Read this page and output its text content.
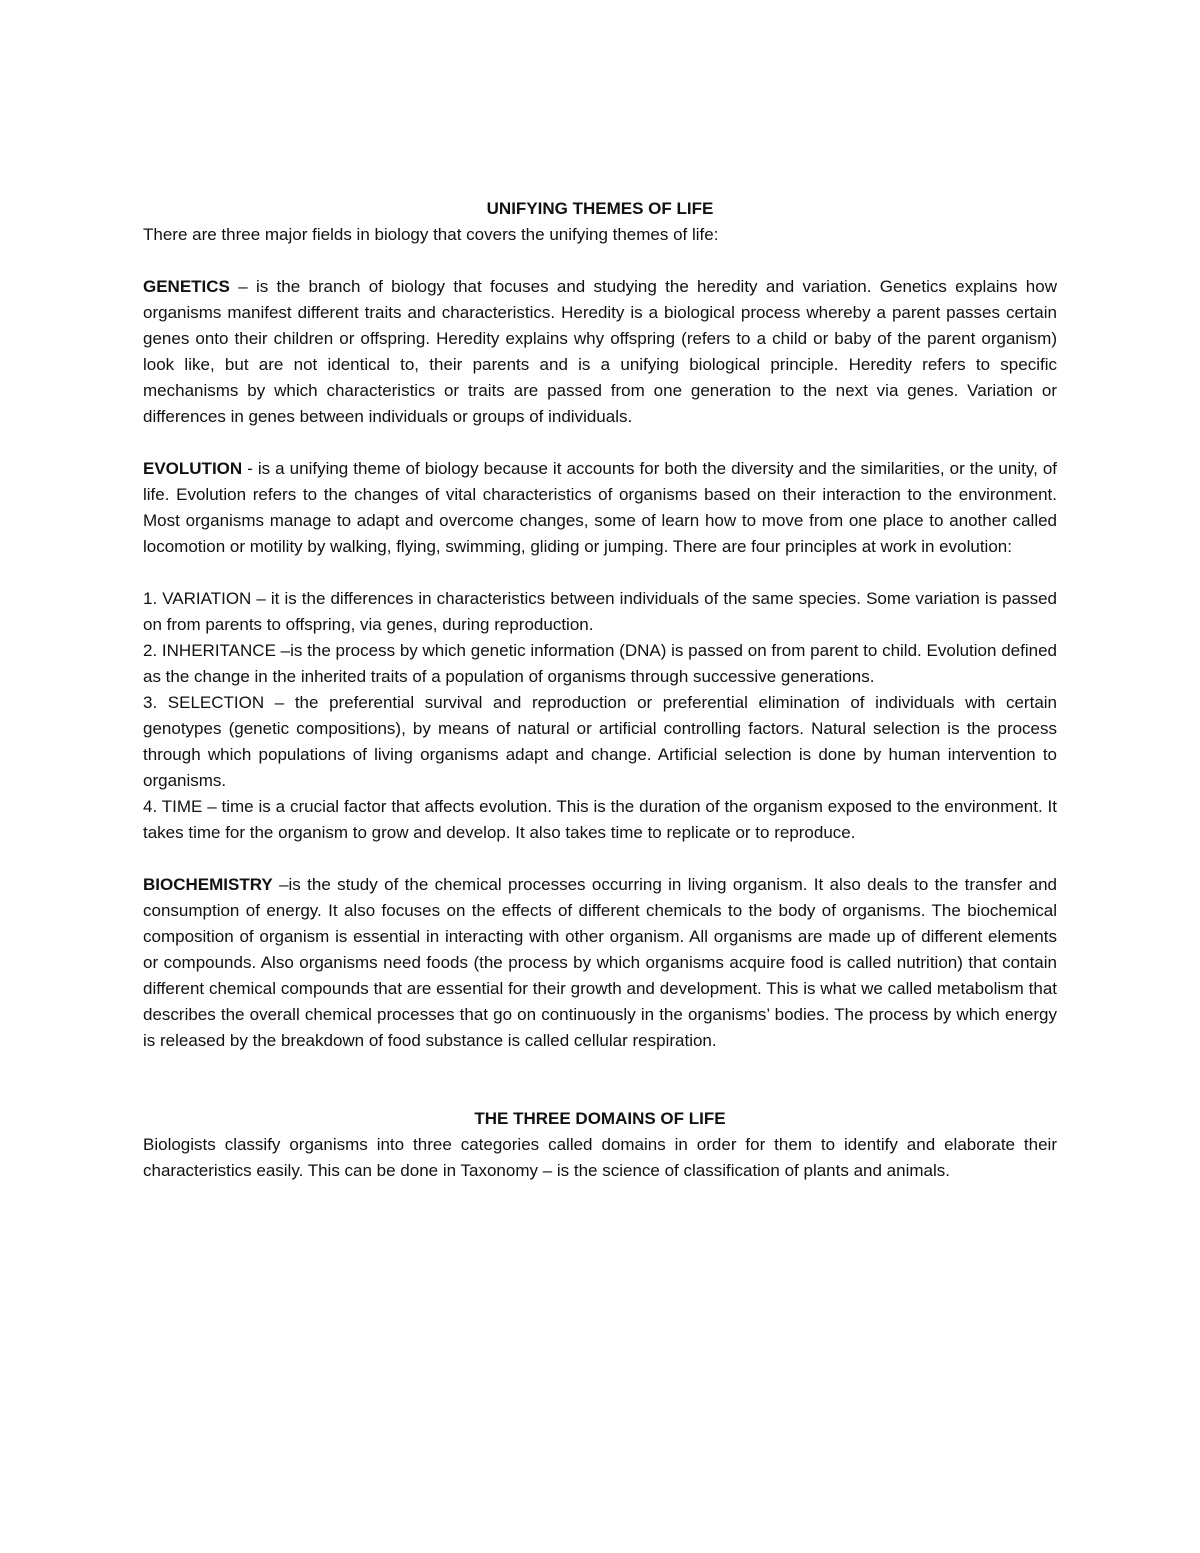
UNIFYING THEMES OF LIFE

There are three major fields in biology that covers the unifying themes of life:

GENETICS – is the branch of biology that focuses and studying the heredity and variation. Genetics explains how organisms manifest different traits and characteristics. Heredity is a biological process whereby a parent passes certain genes onto their children or offspring. Heredity explains why offspring (refers to a child or baby of the parent organism) look like, but are not identical to, their parents and is a unifying biological principle. Heredity refers to specific mechanisms by which characteristics or traits are passed from one generation to the next via genes. Variation or differences in genes between individuals or groups of individuals.

EVOLUTION - is a unifying theme of biology because it accounts for both the diversity and the similarities, or the unity, of life. Evolution refers to the changes of vital characteristics of organisms based on their interaction to the environment. Most organisms manage to adapt and overcome changes, some of learn how to move from one place to another called locomotion or motility by walking, flying, swimming, gliding or jumping. There are four principles at work in evolution:

1. VARIATION – it is the differences in characteristics between individuals of the same species. Some variation is passed on from parents to offspring, via genes, during reproduction.

2. INHERITANCE –is the process by which genetic information (DNA) is passed on from parent to child. Evolution defined as the change in the inherited traits of a population of organisms through successive generations.

3. SELECTION – the preferential survival and reproduction or preferential elimination of individuals with certain genotypes (genetic compositions), by means of natural or artificial controlling factors. Natural selection is the process through which populations of living organisms adapt and change. Artificial selection is done by human intervention to organisms.

4. TIME – time is a crucial factor that affects evolution. This is the duration of the organism exposed to the environment. It takes time for the organism to grow and develop. It also takes time to replicate or to reproduce.

BIOCHEMISTRY –is the study of the chemical processes occurring in living organism. It also deals to the transfer and consumption of energy. It also focuses on the effects of different chemicals to the body of organisms. The biochemical composition of organism is essential in interacting with other organism. All organisms are made up of different elements or compounds. Also organisms need foods (the process by which organisms acquire food is called nutrition) that contain different chemical compounds that are essential for their growth and development. This is what we called metabolism that describes the overall chemical processes that go on continuously in the organisms’ bodies. The process by which energy is released by the breakdown of food substance is called cellular respiration.

THE THREE DOMAINS OF LIFE

Biologists classify organisms into three categories called domains in order for them to identify and elaborate their characteristics easily. This can be done in Taxonomy – is the science of classification of plants and animals.
